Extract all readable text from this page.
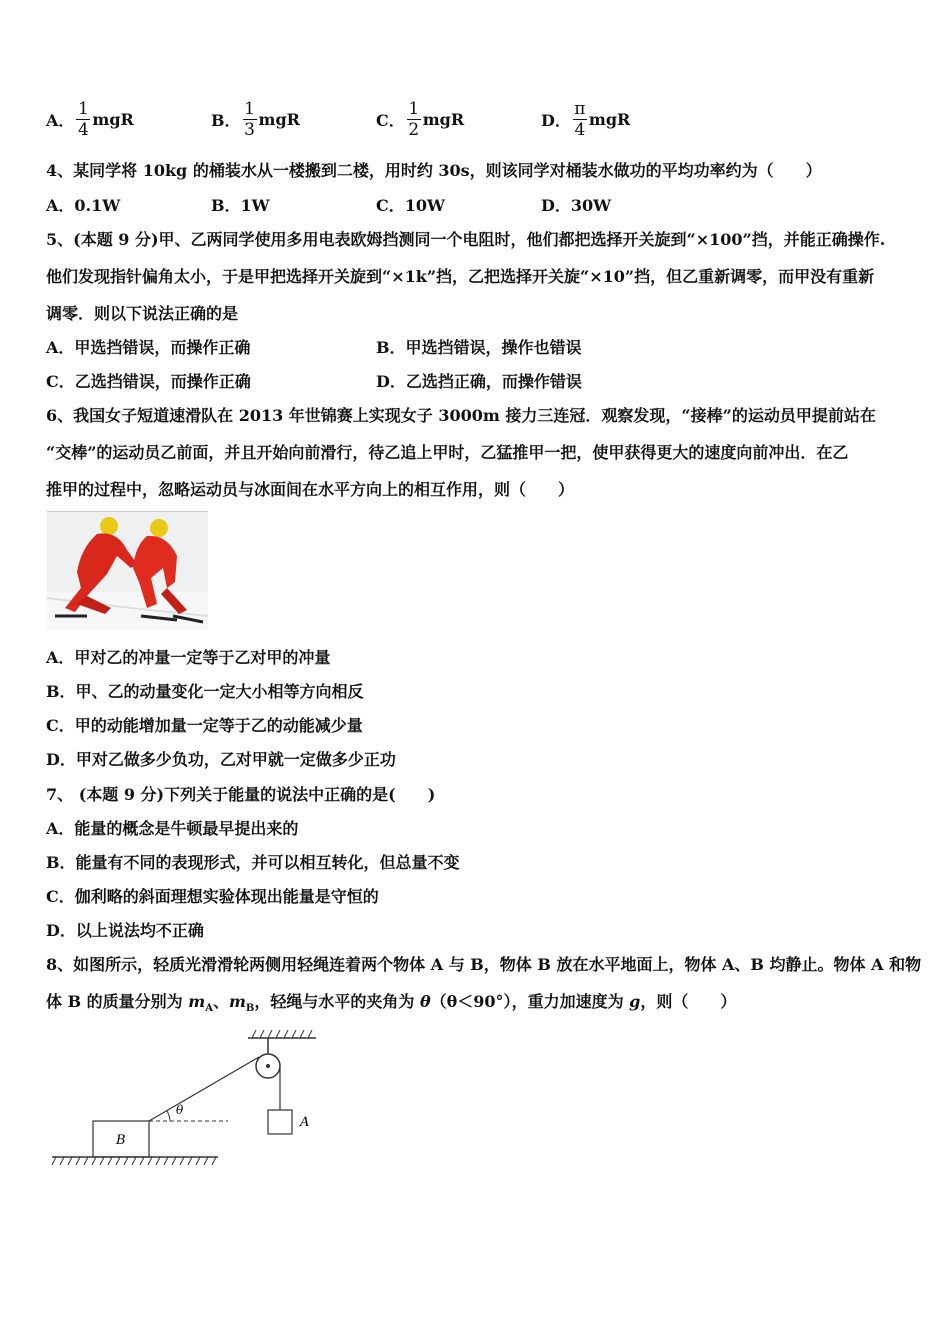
A． $\frac{1}{4}$ mgR	B． $\frac{1}{3}$ mgR	C． $\frac{1}{2}$ mgR	D． $\frac{\pi}{4}$ mgR
4、某同学将 10kg 的桶装水从一楼搬到二楼，用时约 30s，则该同学对桶装水做功的平均功率约为（　　）
A．0.1W	B．1W	C．10W	D．30W
5、(本题 9 分)甲、乙两同学使用多用电表欧姆挡测同一个电阻时，他们都把选择开关旋到“×100”挡，并能正确操作.
他们发现指针偏角太小，于是甲把选择开关旋到“×1k”挡，乙把选择开关旋“×10”挡，但乙重新调零，而甲没有重新
调零．则以下说法正确的是
A．甲选挡错误，而操作正确	B．甲选挡错误，操作也错误
C．乙选挡错误，而操作正确	D．乙选挡正确，而操作错误
6、我国女子短道速滑队在 2013 年世锦赛上实现女子 3000m 接力三连冠．观察发现，“接棒”的运动员甲提前站在
“交棒”的运动员乙前面，并且开始向前滑行，待乙追上甲时，乙猛推甲一把，使甲获得更大的速度向前冲出．在乙
推甲的过程中，忽略运动员与冰面间在水平方向上的相互作用，则（　　）
A．甲对乙的冲量一定等于乙对甲的冲量
B．甲、乙的动量变化一定大小相等方向相反
C．甲的动能增加量一定等于乙的动能减少量
D．甲对乙做多少负功，乙对甲就一定做多少正功
7、 (本题 9 分)下列关于能量的说法中正确的是(　　)
A．能量的概念是牛顿最早提出来的
B．能量有不同的表现形式，并可以相互转化，但总量不变
C．伽利略的斜面理想实验体现出能量是守恒的
D．以上说法均不正确
8、如图所示，轻质光滑滑轮两侧用轻绳连着两个物体 A 与 B，物体 B 放在水平地面上，物体 A、B 均静止。物体 A 和物
体 B 的质量分别为 $m_A$、$m_B$，轻绳与水平的夹角为 θ（θ＜90°），重力加速度为 g，则（　　）
A
θ
B
